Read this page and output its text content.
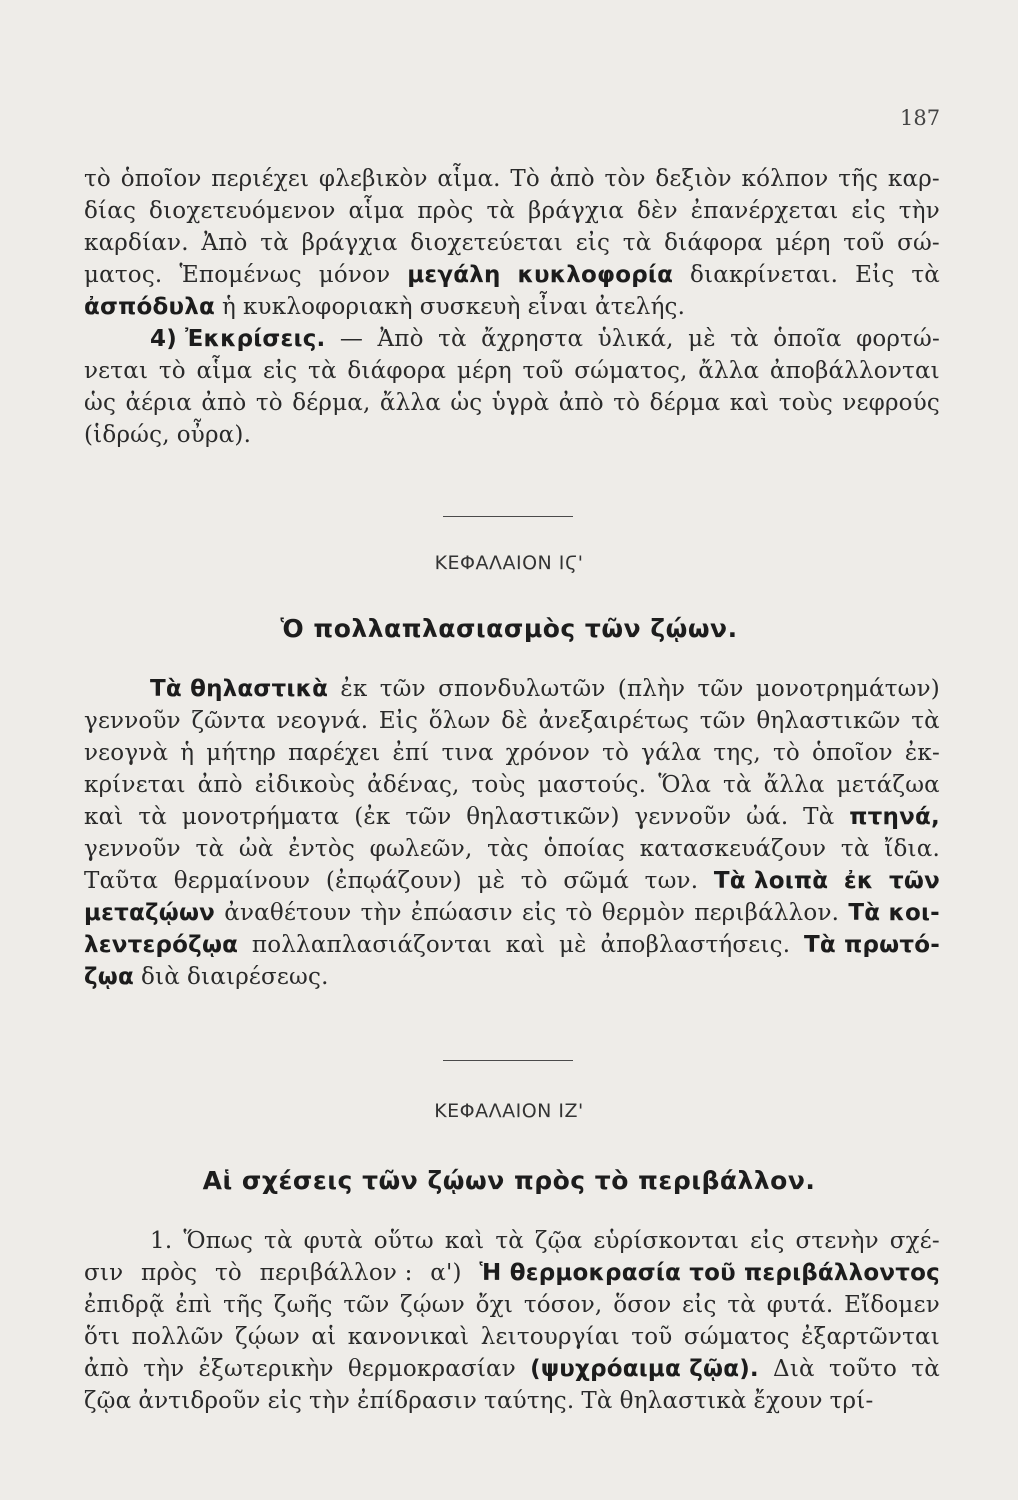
187
τὸ ὁποῖον περιέχει φλεβικὸν αἷμα. Τὸ ἀπὸ τὸν δεξιὸν κόλπον τῆς καρ-
δίας διοχετευόμενον αἷμα πρὸς τὰ βράγχια δὲν ἐπανέρχεται εἰς τὴν
καρδίαν. Ἀπὸ τὰ βράγχια διοχετεύεται εἰς τὰ διάφορα μέρη τοῦ σώ-
ματος. Ἑπομένως μόνον μεγάλη κυκλοφορία διακρίνεται. Εἰς τὰ
ἀσπόδυλα ἡ κυκλοφοριακὴ συσκευὴ εἶναι ἀτελής.
4) Ἐκκρίσεις. — Ἀπὸ τὰ ἄχρηστα ὑλικά, μὲ τὰ ὁποῖα φορτώ-
νεται τὸ αἷμα εἰς τὰ διάφορα μέρη τοῦ σώματος, ἄλλα ἀποβάλλονται
ὡς ἀέρια ἀπὸ τὸ δέρμα, ἄλλα ὡς ὑγρὰ ἀπὸ τὸ δέρμα καὶ τοὺς νεφρούς
(ἱδρώς, οὖρα).
ΚΕΦΑΛΑΙΟΝ ΙϚ'
Ὁ πολλαπλασιασμὸς τῶν ζῴων.
Τὰ θηλαστικὰ ἐκ τῶν σπονδυλωτῶν (πλὴν τῶν μονοτρημάτων)
γεννοῦν ζῶντα νεογνά. Εἰς ὅλων δὲ ἀνεξαιρέτως τῶν θηλαστικῶν τὰ
νεογνὰ ἡ μήτηρ παρέχει ἐπί τινα χρόνον τὸ γάλα της, τὸ ὁποῖον ἐκ-
κρίνεται ἀπὸ εἰδικοὺς ἀδένας, τοὺς μαστούς. Ὅλα τὰ ἄλλα μετάζωα
καὶ τὰ μονοτρήματα (ἐκ τῶν θηλαστικῶν) γεννοῦν ὠά. Τὰ πτηνά,
γεννοῦν τὰ ὠὰ ἐντὸς φωλεῶν, τὰς ὁποίας κατασκευάζουν τὰ ἴδια.
Ταῦτα θερμαίνουν (ἐπῳάζουν) μὲ τὸ σῶμά των. Τὰ λοιπὰ ἐκ τῶν
μεταζῴων ἀναθέτουν τὴν ἐπώασιν εἰς τὸ θερμὸν περιβάλλον. Τὰ κοι-
λεντερόζῳα πολλαπλασιάζονται καὶ μὲ ἀποβλαστήσεις. Τὰ πρωτό-
ζῳα διὰ διαιρέσεως.
ΚΕΦΑΛΑΙΟΝ ΙΖ'
Αἱ σχέσεις τῶν ζῴων πρὸς τὸ περιβάλλον.
1. Ὅπως τὰ φυτὰ οὕτω καὶ τὰ ζῷα εὑρίσκονται εἰς στενὴν σχέ-
σιν πρὸς τὸ περιβάλλον : α') Ἡ θερμοκρασία τοῦ περιβάλλοντος
ἐπιδρᾷ ἐπὶ τῆς ζωῆς τῶν ζῴων ὄχι τόσον, ὅσον εἰς τὰ φυτά. Εἴδομεν
ὅτι πολλῶν ζῴων αἱ κανονικαὶ λειτουργίαι τοῦ σώματος ἐξαρτῶνται
ἀπὸ τὴν ἐξωτερικὴν θερμοκρασίαν (ψυχρόαιμα ζῷα). Διὰ τοῦτο τὰ
ζῷα ἀντιδροῦν εἰς τὴν ἐπίδρασιν ταύτης. Τὰ θηλαστικὰ ἔχουν τρί-
